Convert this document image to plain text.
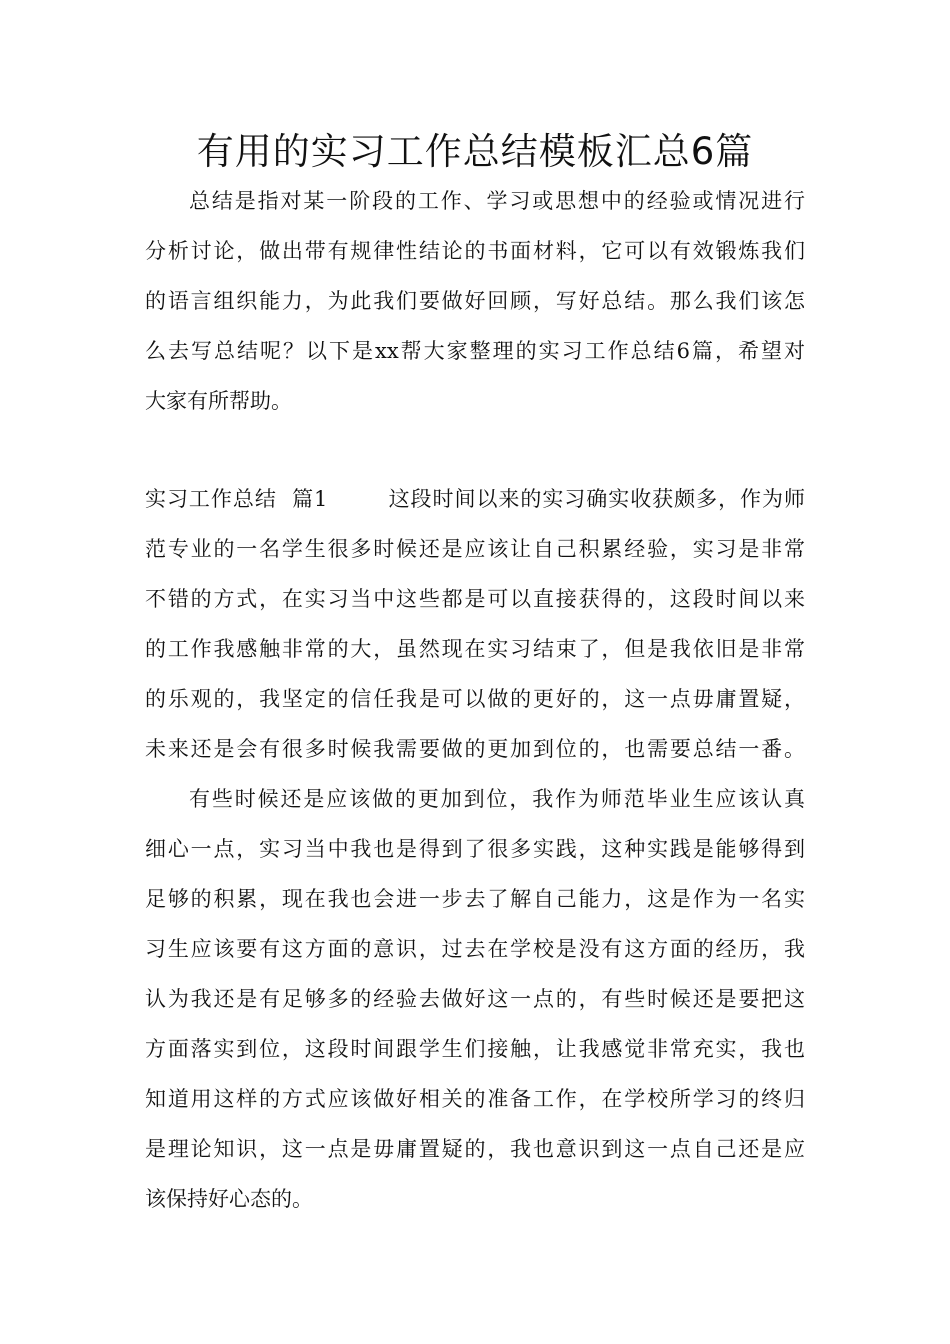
有用的实习工作总结模板汇总6篇

总结是指对某一阶段的工作、学习或思想中的经验或情况进行

分析讨论，做出带有规律性结论的书面材料，它可以有效锻炼我们

的语言组织能力，为此我们要做好回顾，写好总结。那么我们该怎

么去写总结呢？以下是xx帮大家整理的实习工作总结6篇，希望对

大家有所帮助。

实习工作总结  篇1        这段时间以来的实习确实收获颇多，作为师

范专业的一名学生很多时候还是应该让自己积累经验，实习是非常

不错的方式，在实习当中这些都是可以直接获得的，这段时间以来

的工作我感触非常的大，虽然现在实习结束了，但是我依旧是非常

的乐观的，我坚定的信任我是可以做的更好的，这一点毋庸置疑，

未来还是会有很多时候我需要做的更加到位的，也需要总结一番。

有些时候还是应该做的更加到位，我作为师范毕业生应该认真

细心一点，实习当中我也是得到了很多实践，这种实践是能够得到

足够的积累，现在我也会进一步去了解自己能力，这是作为一名实

习生应该要有这方面的意识，过去在学校是没有这方面的经历，我

认为我还是有足够多的经验去做好这一点的，有些时候还是要把这

方面落实到位，这段时间跟学生们接触，让我感觉非常充实，我也

知道用这样的方式应该做好相关的准备工作，在学校所学习的终归

是理论知识，这一点是毋庸置疑的，我也意识到这一点自己还是应

该保持好心态的。
